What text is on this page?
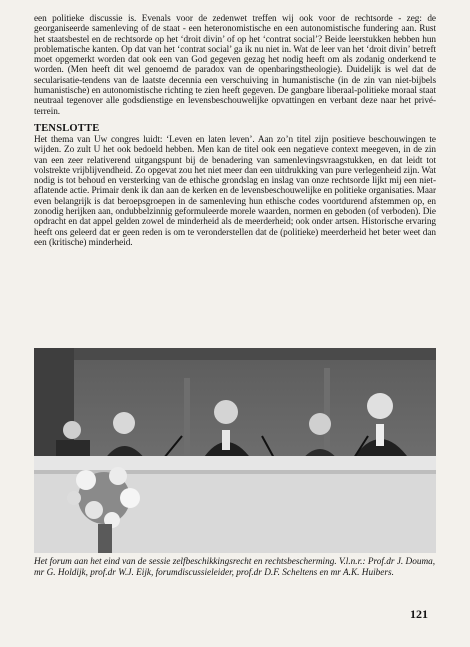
een politieke discussie is. Evenals voor de zedenwet treffen wij ook voor de rechtsorde - zeg: de georganiseerde samenleving of de staat - een heteronomistische en een autonomistische fundering aan. Rust het staatsbestel en de rechtsorde op het ‘droit divin’ of op het ‘contrat social’? Beide leerstukken hebben hun problematische kanten. Op dat van het ‘contrat social’ ga ik nu niet in. Wat de leer van het ‘droit divin’ betreft moet opgemerkt worden dat ook een van God gegeven gezag het nodig heeft om als zodanig onderkend te worden. (Men heeft dit wel genoemd de paradox van de openbaringstheologie). Duidelijk is wel dat de secularisatie-tendens van de laatste decennia een verschuiving in humanistische (in de zin van niet-bijbels humanistische) en autonomistische richting te zien heeft gegeven. De gangbare liberaal-politieke moraal staat neutraal tegenover alle godsdienstige en levensbeschouwelijke opvattingen en verbant deze naar het privé-terrein.

TENSLOTTE

Het thema van Uw congres luidt: ‘Leven en laten leven’. Aan zo’n titel zijn positieve beschouwingen te wijden. Zo zult U het ook bedoeld hebben. Men kan de titel ook een negatieve context meegeven, in de zin van een zeer relativerend uitgangspunt bij de benadering van samenlevingsvraagstukken, en dat leidt tot volstrekte vrijblijvendheid. Zo opgevat zou het niet meer dan een uitdrukking van pure verlegenheid zijn. Wat nodig is tot behoud en versterking van de ethische grondslag en inslag van onze rechtsorde lijkt mij een niet-aflatende actie. Primair denk ik dan aan de kerken en de levensbeschouwelijke en politieke organisaties. Maar even belangrijk is dat beroepsgroepen in de samenleving hun ethische codes voortdurend afstemmen op, en zonodig herijken aan, ondubbelzinnig geformuleerde morele waarden, normen en geboden (of verboden). Die opdracht en dat appel gelden zowel de minderheid als de meerderheid; ook onder artsen. Historische ervaring heeft ons geleerd dat er geen reden is om te veronderstellen dat de (politieke) meerderheid het beter weet dan een (kritische) minderheid.

Het forum aan het eind van de sessie zelfbeschikkingsrecht en rechtsbescherming. V.l.n.r.: Prof.dr J. Douma, mr G. Holdijk, prof.dr W.J. Eijk, forumdiscussieleider, prof.dr D.F. Scheltens en mr A.K. Huibers.

121
